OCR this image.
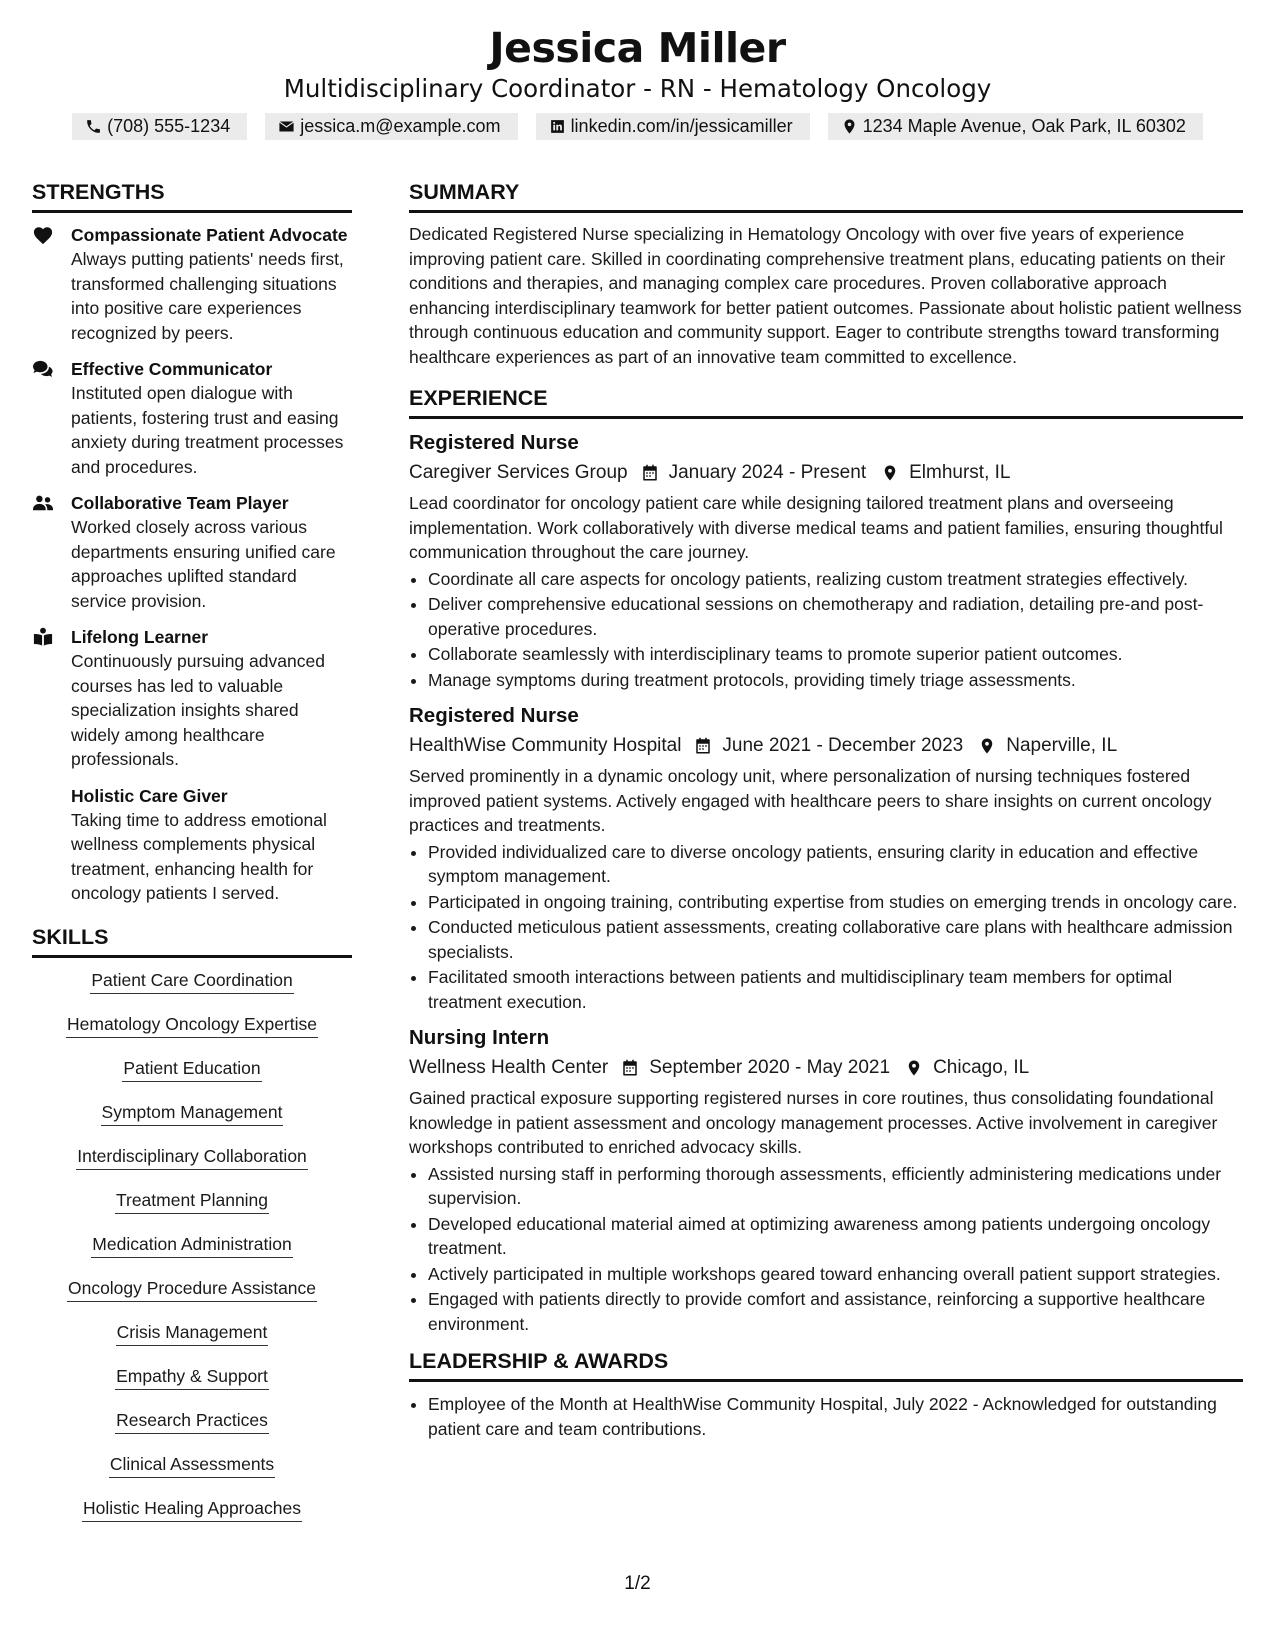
Jessica Miller
Multidisciplinary Coordinator - RN - Hematology Oncology
(708) 555-1234	jessica.m@example.com	linkedin.com/in/jessicamiller	1234 Maple Avenue, Oak Park, IL 60302
STRENGTHS
Compassionate Patient Advocate
Always putting patients' needs first, transformed challenging situations into positive care experiences recognized by peers.
Effective Communicator
Instituted open dialogue with patients, fostering trust and easing anxiety during treatment processes and procedures.
Collaborative Team Player
Worked closely across various departments ensuring unified care approaches uplifted standard service provision.
Lifelong Learner
Continuously pursuing advanced courses has led to valuable specialization insights shared widely among healthcare professionals.
Holistic Care Giver
Taking time to address emotional wellness complements physical treatment, enhancing health for oncology patients I served.
SKILLS
Patient Care Coordination
Hematology Oncology Expertise
Patient Education
Symptom Management
Interdisciplinary Collaboration
Treatment Planning
Medication Administration
Oncology Procedure Assistance
Crisis Management
Empathy & Support
Research Practices
Clinical Assessments
Holistic Healing Approaches
SUMMARY
Dedicated Registered Nurse specializing in Hematology Oncology with over five years of experience improving patient care. Skilled in coordinating comprehensive treatment plans, educating patients on their conditions and therapies, and managing complex care procedures. Proven collaborative approach enhancing interdisciplinary teamwork for better patient outcomes. Passionate about holistic patient wellness through continuous education and community support. Eager to contribute strengths toward transforming healthcare experiences as part of an innovative team committed to excellence.
EXPERIENCE
Registered Nurse
Caregiver Services Group January 2024 - Present Elmhurst, IL
Lead coordinator for oncology patient care while designing tailored treatment plans and overseeing implementation. Work collaboratively with diverse medical teams and patient families, ensuring thoughtful communication throughout the care journey.
• Coordinate all care aspects for oncology patients, realizing custom treatment strategies effectively.
• Deliver comprehensive educational sessions on chemotherapy and radiation, detailing pre-and post-operative procedures.
• Collaborate seamlessly with interdisciplinary teams to promote superior patient outcomes.
• Manage symptoms during treatment protocols, providing timely triage assessments.
Registered Nurse
HealthWise Community Hospital June 2021 - December 2023 Naperville, IL
Served prominently in a dynamic oncology unit, where personalization of nursing techniques fostered improved patient systems. Actively engaged with healthcare peers to share insights on current oncology practices and treatments.
• Provided individualized care to diverse oncology patients, ensuring clarity in education and effective symptom management.
• Participated in ongoing training, contributing expertise from studies on emerging trends in oncology care.
• Conducted meticulous patient assessments, creating collaborative care plans with healthcare admission specialists.
• Facilitated smooth interactions between patients and multidisciplinary team members for optimal treatment execution.
Nursing Intern
Wellness Health Center September 2020 - May 2021 Chicago, IL
Gained practical exposure supporting registered nurses in core routines, thus consolidating foundational knowledge in patient assessment and oncology management processes. Active involvement in caregiver workshops contributed to enriched advocacy skills.
• Assisted nursing staff in performing thorough assessments, efficiently administering medications under supervision.
• Developed educational material aimed at optimizing awareness among patients undergoing oncology treatment.
• Actively participated in multiple workshops geared toward enhancing overall patient support strategies.
• Engaged with patients directly to provide comfort and assistance, reinforcing a supportive healthcare environment.
LEADERSHIP & AWARDS
• Employee of the Month at HealthWise Community Hospital, July 2022 - Acknowledged for outstanding patient care and team contributions.
1/2
